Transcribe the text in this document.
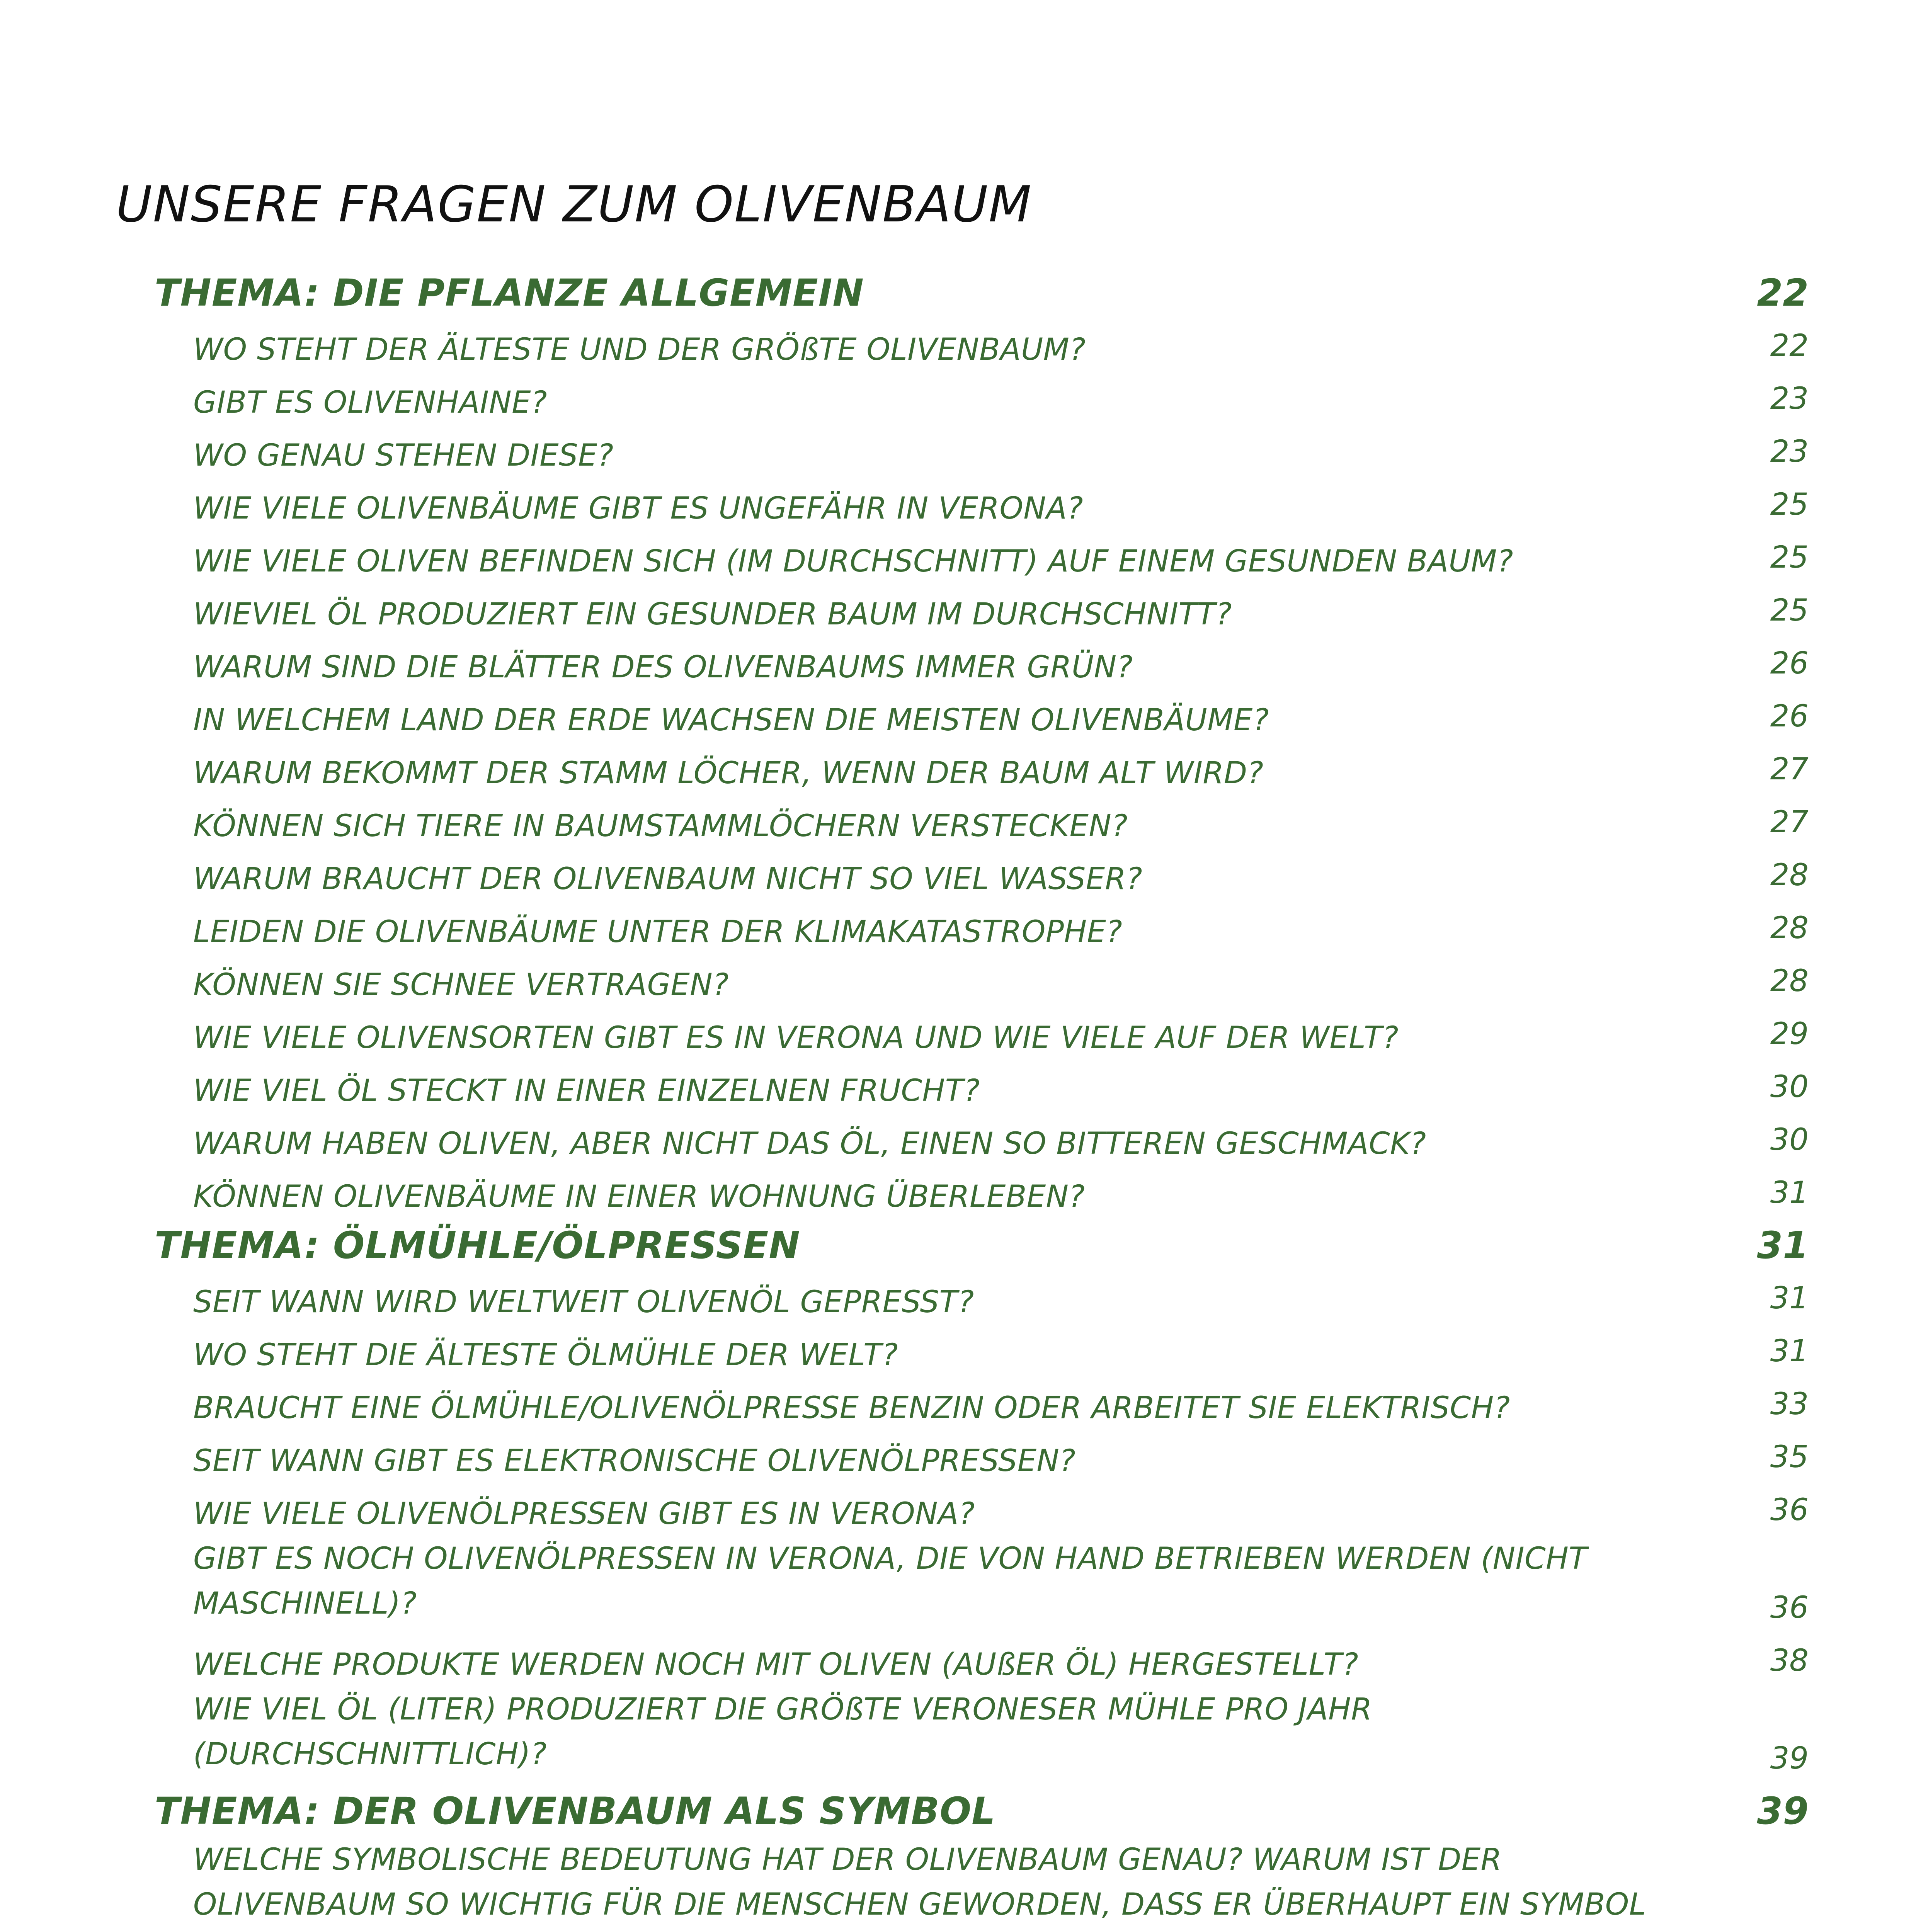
UNSERE FRAGEN ZUM OLIVENBAUM
THEMA: DIE PFLANZE ALLGEMEIN	22
WO STEHT DER ÄLTESTE UND DER GRÖßTE OLIVENBAUM?	22
GIBT ES OLIVENHAINE?	23
WO GENAU STEHEN DIESE?	23
WIE VIELE OLIVENBÄUME GIBT ES UNGEFÄHR IN VERONA?	25
WIE VIELE OLIVEN BEFINDEN SICH (IM DURCHSCHNITT) AUF EINEM GESUNDEN BAUM?	25
WIEVIEL ÖL PRODUZIERT EIN GESUNDER BAUM IM DURCHSCHNITT?	25
WARUM SIND DIE BLÄTTER DES OLIVENBAUMS IMMER GRÜN?	26
IN WELCHEM LAND DER ERDE WACHSEN DIE MEISTEN OLIVENBÄUME?	26
WARUM BEKOMMT DER STAMM LÖCHER, WENN DER BAUM ALT WIRD?	27
KÖNNEN SICH TIERE IN BAUMSTAMMLÖCHERN VERSTECKEN?	27
WARUM BRAUCHT DER OLIVENBAUM NICHT SO VIEL WASSER?	28
LEIDEN DIE OLIVENBÄUME UNTER DER KLIMAKATASTROPHE?	28
KÖNNEN SIE SCHNEE VERTRAGEN?	28
WIE VIELE OLIVENSORTEN GIBT ES IN VERONA UND WIE VIELE AUF DER WELT?	29
WIE VIEL ÖL STECKT IN EINER EINZELNEN FRUCHT?	30
WARUM HABEN OLIVEN, ABER NICHT DAS ÖL, EINEN SO BITTEREN GESCHMACK?	30
KÖNNEN OLIVENBÄUME IN EINER WOHNUNG ÜBERLEBEN?	31
THEMA: ÖLMÜHLE/ÖLPRESSEN	31
SEIT WANN WIRD WELTWEIT OLIVENÖL GEPRESST?	31
WO STEHT DIE ÄLTESTE ÖLMÜHLE DER WELT?	31
BRAUCHT EINE ÖLMÜHLE/OLIVENÖLPRESSE BENZIN ODER ARBEITET SIE ELEKTRISCH?	33
SEIT WANN GIBT ES ELEKTRONISCHE OLIVENÖLPRESSEN?	35
WIE VIELE OLIVENÖLPRESSEN GIBT ES IN VERONA?	36
GIBT ES NOCH OLIVENÖLPRESSEN IN VERONA, DIE VON HAND BETRIEBEN WERDEN (NICHT MASCHINELL)?	36
WELCHE PRODUKTE WERDEN NOCH MIT OLIVEN (AUßER ÖL) HERGESTELLT?	38
WIE VIEL ÖL (LITER) PRODUZIERT DIE GRÖßTE VERONESER MÜHLE PRO JAHR (DURCHSCHNITTLICH)?	39
THEMA: DER OLIVENBAUM ALS SYMBOL	39
WELCHE SYMBOLISCHE BEDEUTUNG HAT DER OLIVENBAUM GENAU? WARUM IST DER OLIVENBAUM SO WICHTIG FÜR DIE MENSCHEN GEWORDEN, DASS ER ÜBERHAUPT EIN SYMBOL
